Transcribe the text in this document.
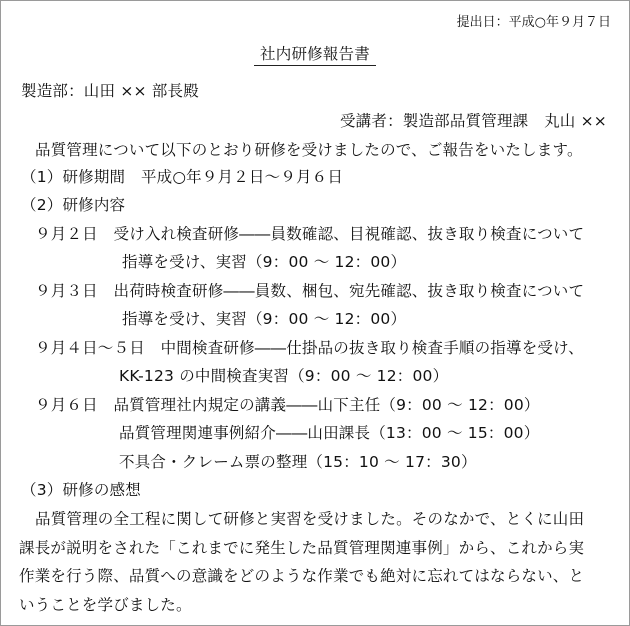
提出日：平成○年９月７日
社内研修報告書
製造部：山田 ×× 部長殿
受講者：製造部品質管理課　丸山 ××
品質管理について以下のとおり研修を受けましたので、ご報告をいたします。
（1）研修期間　平成○年９月２日～９月６日
（2）研修内容
９月２日　受け入れ検査研修――員数確認、目視確認、抜き取り検査について
指導を受け、実習（9：00 ～ 12：00）
９月３日　出荷時検査研修――員数、梱包、宛先確認、抜き取り検査について
指導を受け、実習（9：00 ～ 12：00）
９月４日～５日　中間検査研修――仕掛品の抜き取り検査手順の指導を受け、
KK-123 の中間検査実習（9：00 ～ 12：00）
９月６日　品質管理社内規定の講義――山下主任（9：00 ～ 12：00）
品質管理関連事例紹介――山田課長（13：00 ～ 15：00）
不具合・クレーム票の整理（15：10 ～ 17：30）
（3）研修の感想
品質管理の全工程に関して研修と実習を受けました。そのなかで、とくに山田
課長が説明をされた「これまでに発生した品質管理関連事例」から、これから実
作業を行う際、品質への意識をどのような作業でも絶対に忘れてはならない、と
いうことを学びました。
